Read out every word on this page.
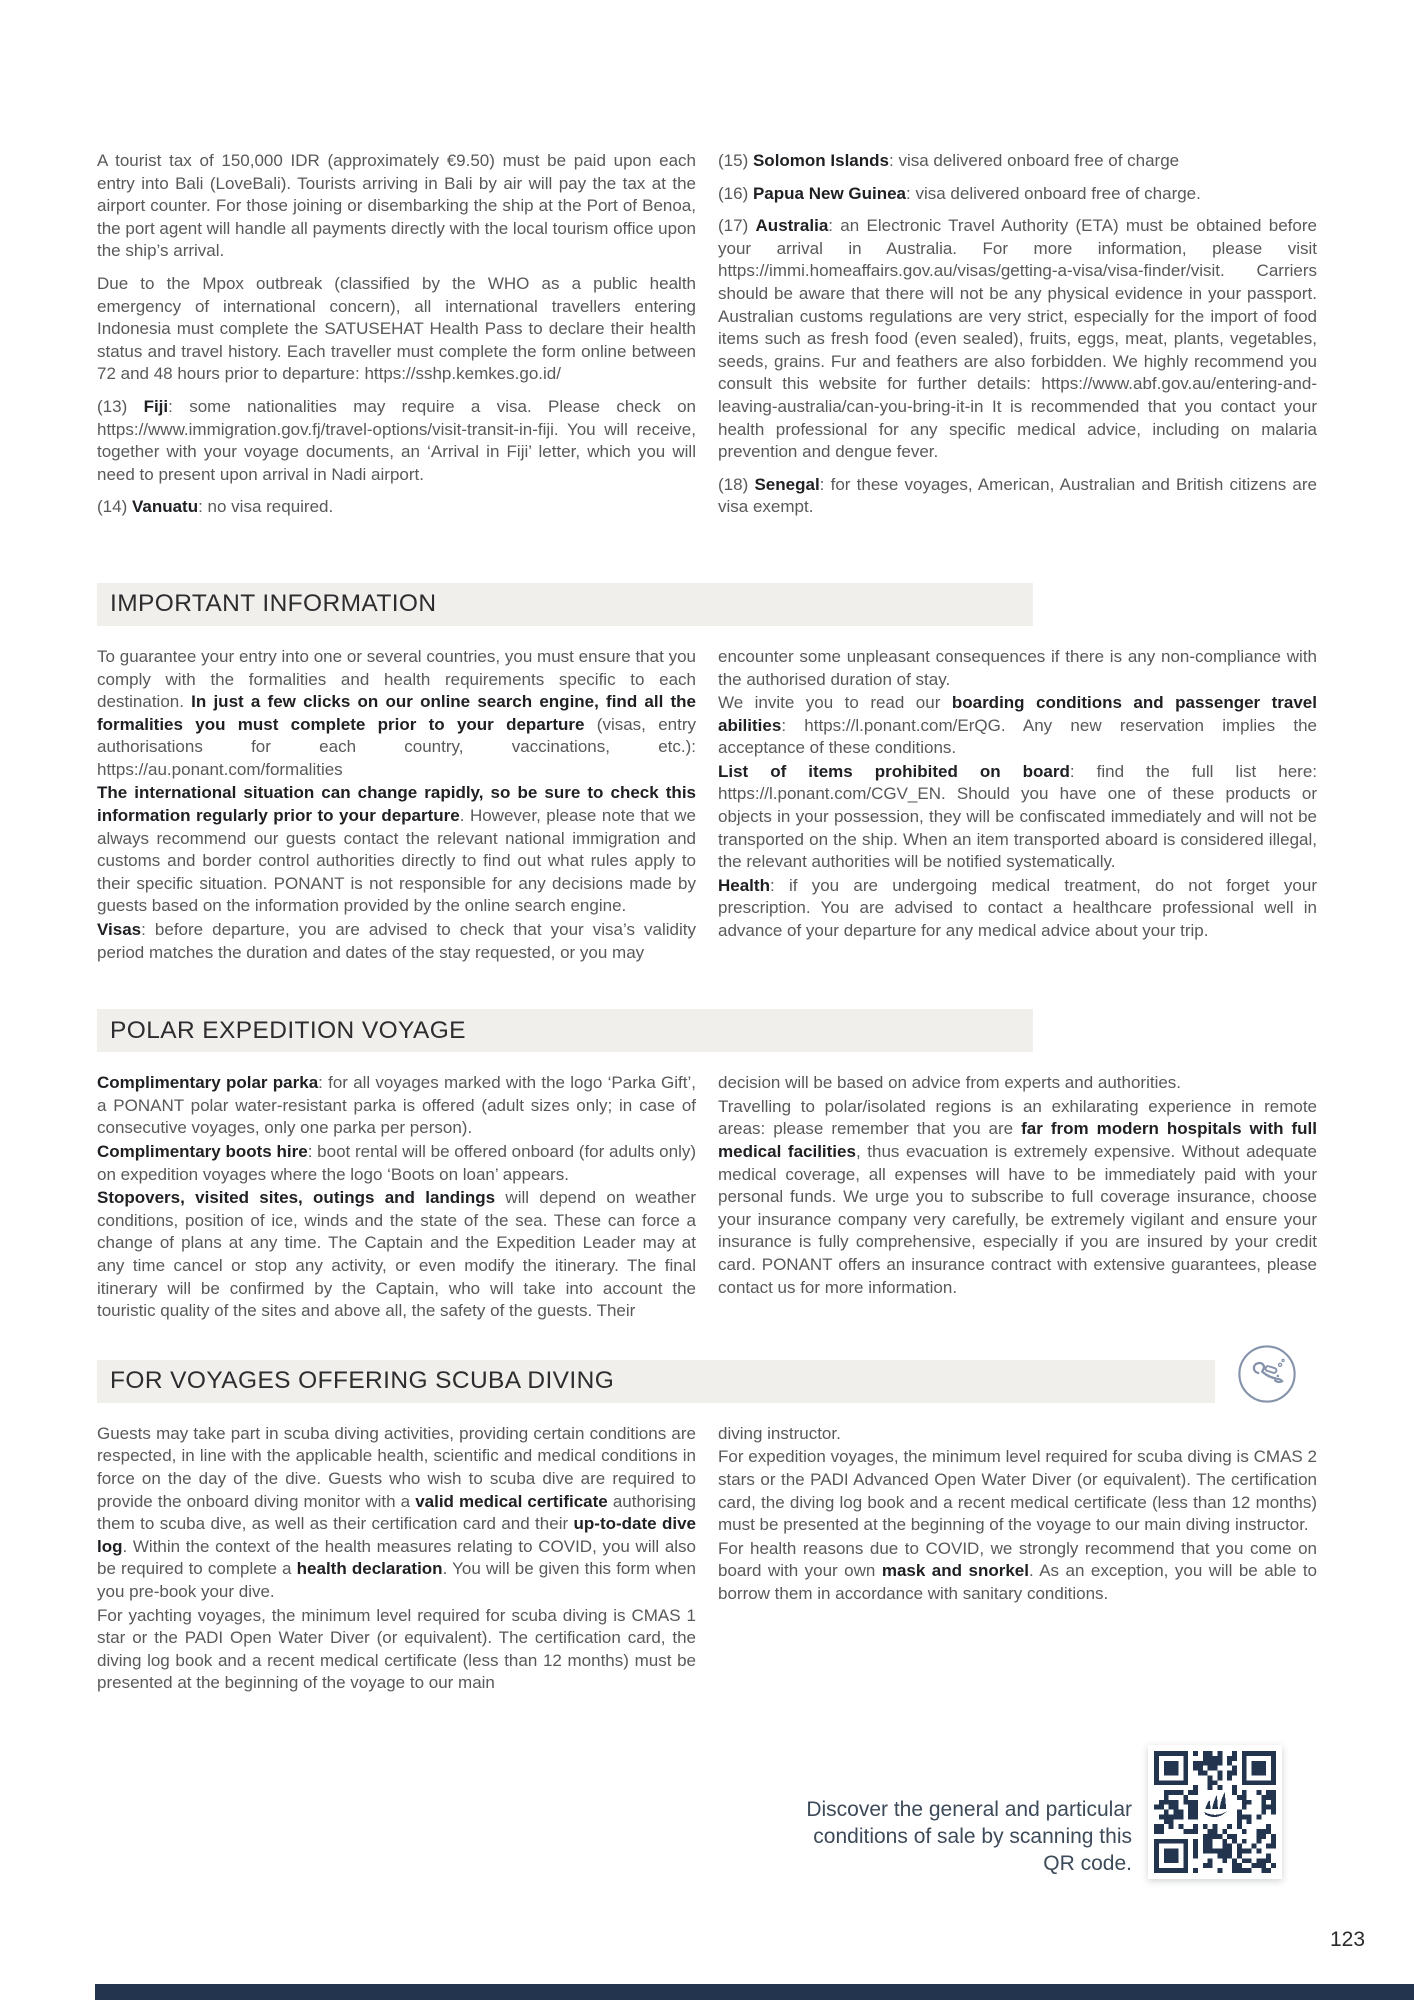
A tourist tax of 150,000 IDR (approximately €9.50) must be paid upon each entry into Bali (LoveBali). Tourists arriving in Bali by air will pay the tax at the airport counter. For those joining or disembarking the ship at the Port of Benoa, the port agent will handle all payments directly with the local tourism office upon the ship’s arrival.

Due to the Mpox outbreak (classified by the WHO as a public health emergency of international concern), all international travellers entering Indonesia must complete the SATUSEHAT Health Pass to declare their health status and travel history. Each traveller must complete the form online between 72 and 48 hours prior to departure: https://sshp.kemkes.go.id/

(13) Fiji: some nationalities may require a visa. Please check on https://www.immigration.gov.fj/travel-options/visit-transit-in-fiji. You will receive, together with your voyage documents, an ‘Arrival in Fiji’ letter, which you will need to present upon arrival in Nadi airport.

(14) Vanuatu: no visa required.

(15) Solomon Islands: visa delivered onboard free of charge

(16) Papua New Guinea: visa delivered onboard free of charge.

(17) Australia: an Electronic Travel Authority (ETA) must be obtained before your arrival in Australia. For more information, please visit https://immi.homeaffairs.gov.au/visas/getting-a-visa/visa-finder/visit. Carriers should be aware that there will not be any physical evidence in your passport. Australian customs regulations are very strict, especially for the import of food items such as fresh food (even sealed), fruits, eggs, meat, plants, vegetables, seeds, grains. Fur and feathers are also forbidden. We highly recommend you consult this website for further details: https://www.abf.gov.au/entering-and-leaving-australia/can-you-bring-it-in It is recommended that you contact your health professional for any specific medical advice, including on malaria prevention and dengue fever.

(18) Senegal: for these voyages, American, Australian and British citizens are visa exempt.

IMPORTANT INFORMATION

To guarantee your entry into one or several countries, you must ensure that you comply with the formalities and health requirements specific to each destination. In just a few clicks on our online search engine, find all the formalities you must complete prior to your departure (visas, entry authorisations for each country, vaccinations, etc.): https://au.ponant.com/formalities

The international situation can change rapidly, so be sure to check this information regularly prior to your departure. However, please note that we always recommend our guests contact the relevant national immigration and customs and border control authorities directly to find out what rules apply to their specific situation. PONANT is not responsible for any decisions made by guests based on the information provided by the online search engine.

Visas: before departure, you are advised to check that your visa’s validity period matches the duration and dates of the stay requested, or you may

encounter some unpleasant consequences if there is any non-compliance with the authorised duration of stay.

We invite you to read our boarding conditions and passenger travel abilities: https://l.ponant.com/ErQG. Any new reservation implies the acceptance of these conditions.

List of items prohibited on board: find the full list here: https://l.ponant.com/CGV_EN. Should you have one of these products or objects in your possession, they will be confiscated immediately and will not be transported on the ship. When an item transported aboard is considered illegal, the relevant authorities will be notified systematically.

Health: if you are undergoing medical treatment, do not forget your prescription. You are advised to contact a healthcare professional well in advance of your departure for any medical advice about your trip.

POLAR EXPEDITION VOYAGE

Complimentary polar parka: for all voyages marked with the logo ‘Parka Gift’, a PONANT polar water-resistant parka is offered (adult sizes only; in case of consecutive voyages, only one parka per person).

Complimentary boots hire: boot rental will be offered onboard (for adults only) on expedition voyages where the logo ‘Boots on loan’ appears.

Stopovers, visited sites, outings and landings will depend on weather conditions, position of ice, winds and the state of the sea. These can force a change of plans at any time. The Captain and the Expedition Leader may at any time cancel or stop any activity, or even modify the itinerary. The final itinerary will be confirmed by the Captain, who will take into account the touristic quality of the sites and above all, the safety of the guests. Their

decision will be based on advice from experts and authorities.

Travelling to polar/isolated regions is an exhilarating experience in remote areas: please remember that you are far from modern hospitals with full medical facilities, thus evacuation is extremely expensive. Without adequate medical coverage, all expenses will have to be immediately paid with your personal funds. We urge you to subscribe to full coverage insurance, choose your insurance company very carefully, be extremely vigilant and ensure your insurance is fully comprehensive, especially if you are insured by your credit card. PONANT offers an insurance contract with extensive guarantees, please contact us for more information.

FOR VOYAGES OFFERING SCUBA DIVING

Guests may take part in scuba diving activities, providing certain conditions are respected, in line with the applicable health, scientific and medical conditions in force on the day of the dive. Guests who wish to scuba dive are required to provide the onboard diving monitor with a valid medical certificate authorising them to scuba dive, as well as their certification card and their up-to-date dive log. Within the context of the health measures relating to COVID, you will also be required to complete a health declaration. You will be given this form when you pre-book your dive.

For yachting voyages, the minimum level required for scuba diving is CMAS 1 star or the PADI Open Water Diver (or equivalent). The certification card, the diving log book and a recent medical certificate (less than 12 months) must be presented at the beginning of the voyage to our main

diving instructor.

For expedition voyages, the minimum level required for scuba diving is CMAS 2 stars or the PADI Advanced Open Water Diver (or equivalent). The certification card, the diving log book and a recent medical certificate (less than 12 months) must be presented at the beginning of the voyage to our main diving instructor.

For health reasons due to COVID, we strongly recommend that you come on board with your own mask and snorkel. As an exception, you will be able to borrow them in accordance with sanitary conditions.

Discover the general and particular conditions of sale by scanning this QR code.
123
